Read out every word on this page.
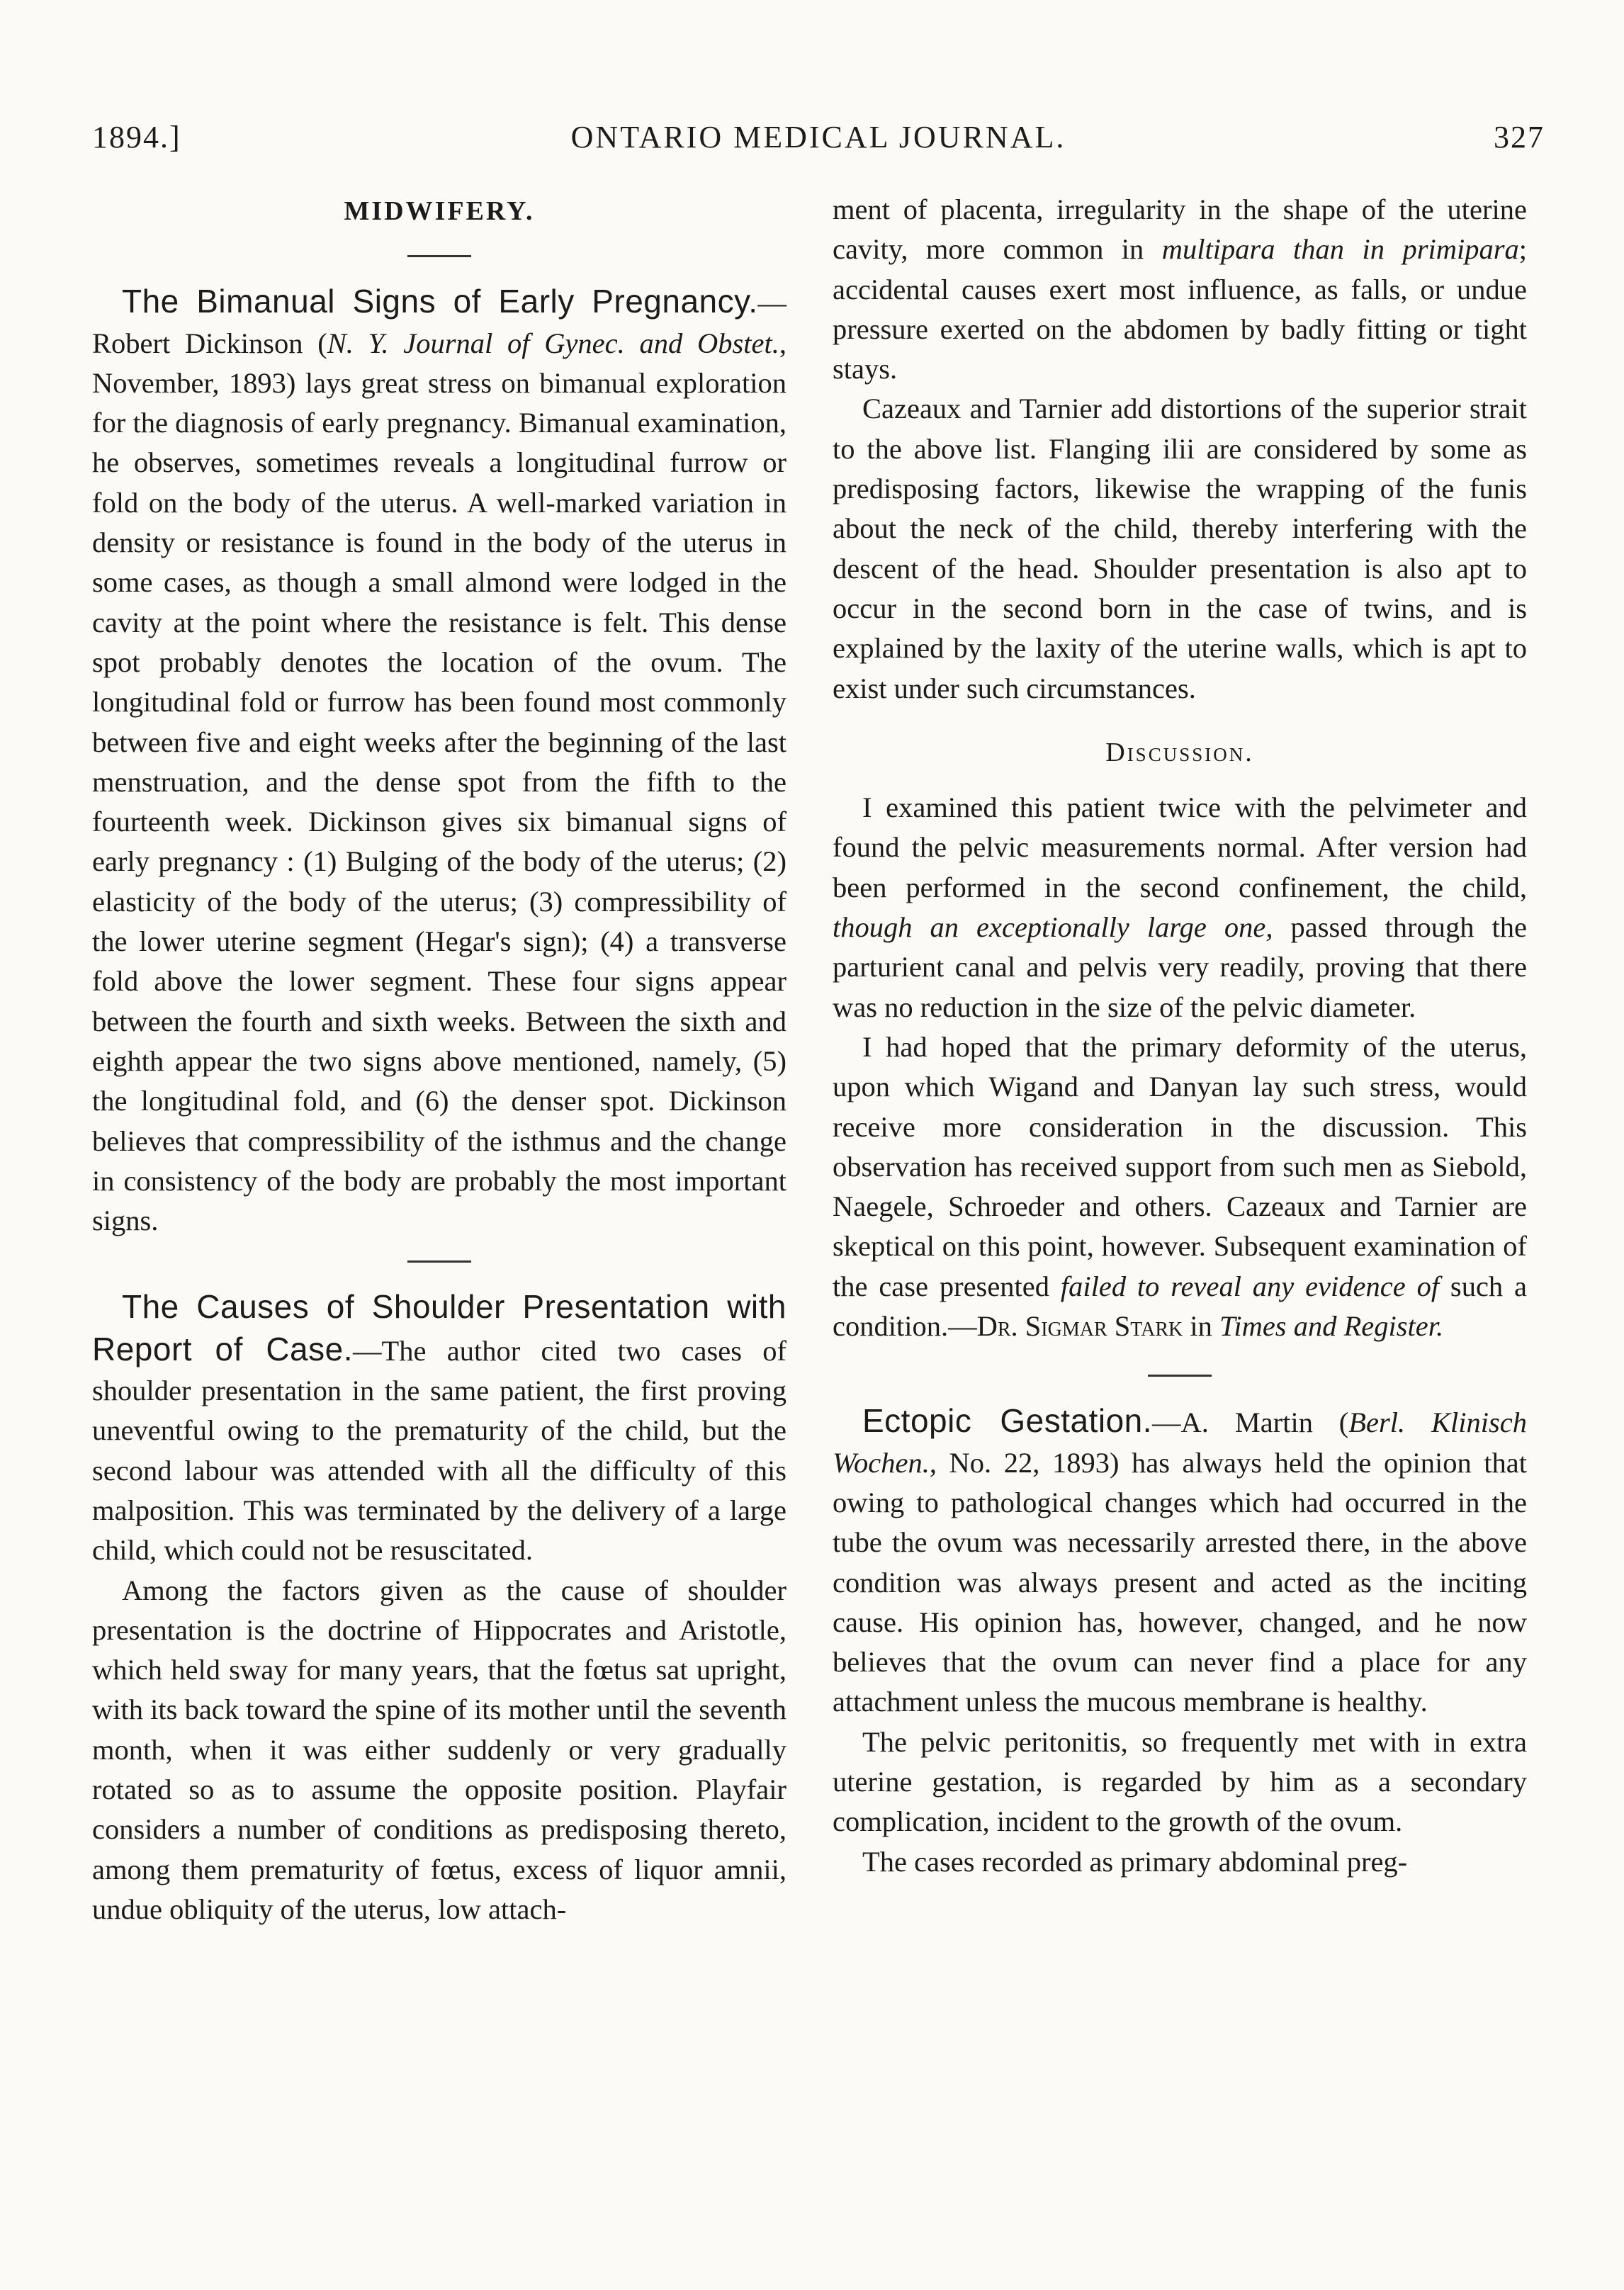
ONTARIO MEDICAL JOURNAL.
1894.]	327
MIDWIFERY.

The Bimanual Signs of Early Pregnancy.—Robert Dickinson (N. Y. Journal of Gynec. and Obstet., November, 1893) lays great stress on bimanual exploration for the diagnosis of early pregnancy. Bimanual examination, he observes, sometimes reveals a longitudinal furrow or fold on the body of the uterus. A well-marked variation in density or resistance is found in the body of the uterus in some cases, as though a small almond were lodged in the cavity at the point where the resistance is felt. This dense spot probably denotes the location of the ovum. The longitudinal fold or furrow has been found most commonly between five and eight weeks after the beginning of the last menstruation, and the dense spot from the fifth to the fourteenth week. Dickinson gives six bimanual signs of early pregnancy : (1) Bulging of the body of the uterus; (2) elasticity of the body of the uterus; (3) compressibility of the lower uterine segment (Hegar's sign); (4) a transverse fold above the lower segment. These four signs appear between the fourth and sixth weeks. Between the sixth and eighth appear the two signs above mentioned, namely, (5) the longitudinal fold, and (6) the denser spot. Dickinson believes that compressibility of the isthmus and the change in consistency of the body are probably the most important signs.

The Causes of Shoulder Presentation with Report of Case.—The author cited two cases of shoulder presentation in the same patient, the first proving uneventful owing to the prematurity of the child, but the second labour was attended with all the difficulty of this malposition. This was terminated by the delivery of a large child, which could not be resuscitated.

Among the factors given as the cause of shoulder presentation is the doctrine of Hippocrates and Aristotle, which held sway for many years, that the fœtus sat upright, with its back toward the spine of its mother until the seventh month, when it was either suddenly or very gradually rotated so as to assume the opposite position. Playfair considers a number of conditions as predisposing thereto, among them prematurity of fœtus, excess of liquor amnii, undue obliquity of the uterus, low attach-

ment of placenta, irregularity in the shape of the uterine cavity, more common in multipara than in primipara; accidental causes exert most influence, as falls, or undue pressure exerted on the abdomen by badly fitting or tight stays.

Cazeaux and Tarnier add distortions of the superior strait to the above list. Flanging ilii are considered by some as predisposing factors, likewise the wrapping of the funis about the neck of the child, thereby interfering with the descent of the head. Shoulder presentation is also apt to occur in the second born in the case of twins, and is explained by the laxity of the uterine walls, which is apt to exist under such circumstances.

Discussion.

I examined this patient twice with the pelvimeter and found the pelvic measurements normal. After version had been performed in the second confinement, the child, though an exceptionally large one, passed through the parturient canal and pelvis very readily, proving that there was no reduction in the size of the pelvic diameter.

I had hoped that the primary deformity of the uterus, upon which Wigand and Danyan lay such stress, would receive more consideration in the discussion. This observation has received support from such men as Siebold, Naegele, Schroeder and others. Cazeaux and Tarnier are skeptical on this point, however. Subsequent examination of the case presented failed to reveal any evidence of such a condition.—Dr. Sigmar Stark in Times and Register.

Ectopic Gestation.—A. Martin (Berl. Klinisch Wochen., No. 22, 1893) has always held the opinion that owing to pathological changes which had occurred in the tube the ovum was necessarily arrested there, in the above condition was always present and acted as the inciting cause. His opinion has, however, changed, and he now believes that the ovum can never find a place for any attachment unless the mucous membrane is healthy.

The pelvic peritonitis, so frequently met with in extra uterine gestation, is regarded by him as a secondary complication, incident to the growth of the ovum.

The cases recorded as primary abdominal preg-
